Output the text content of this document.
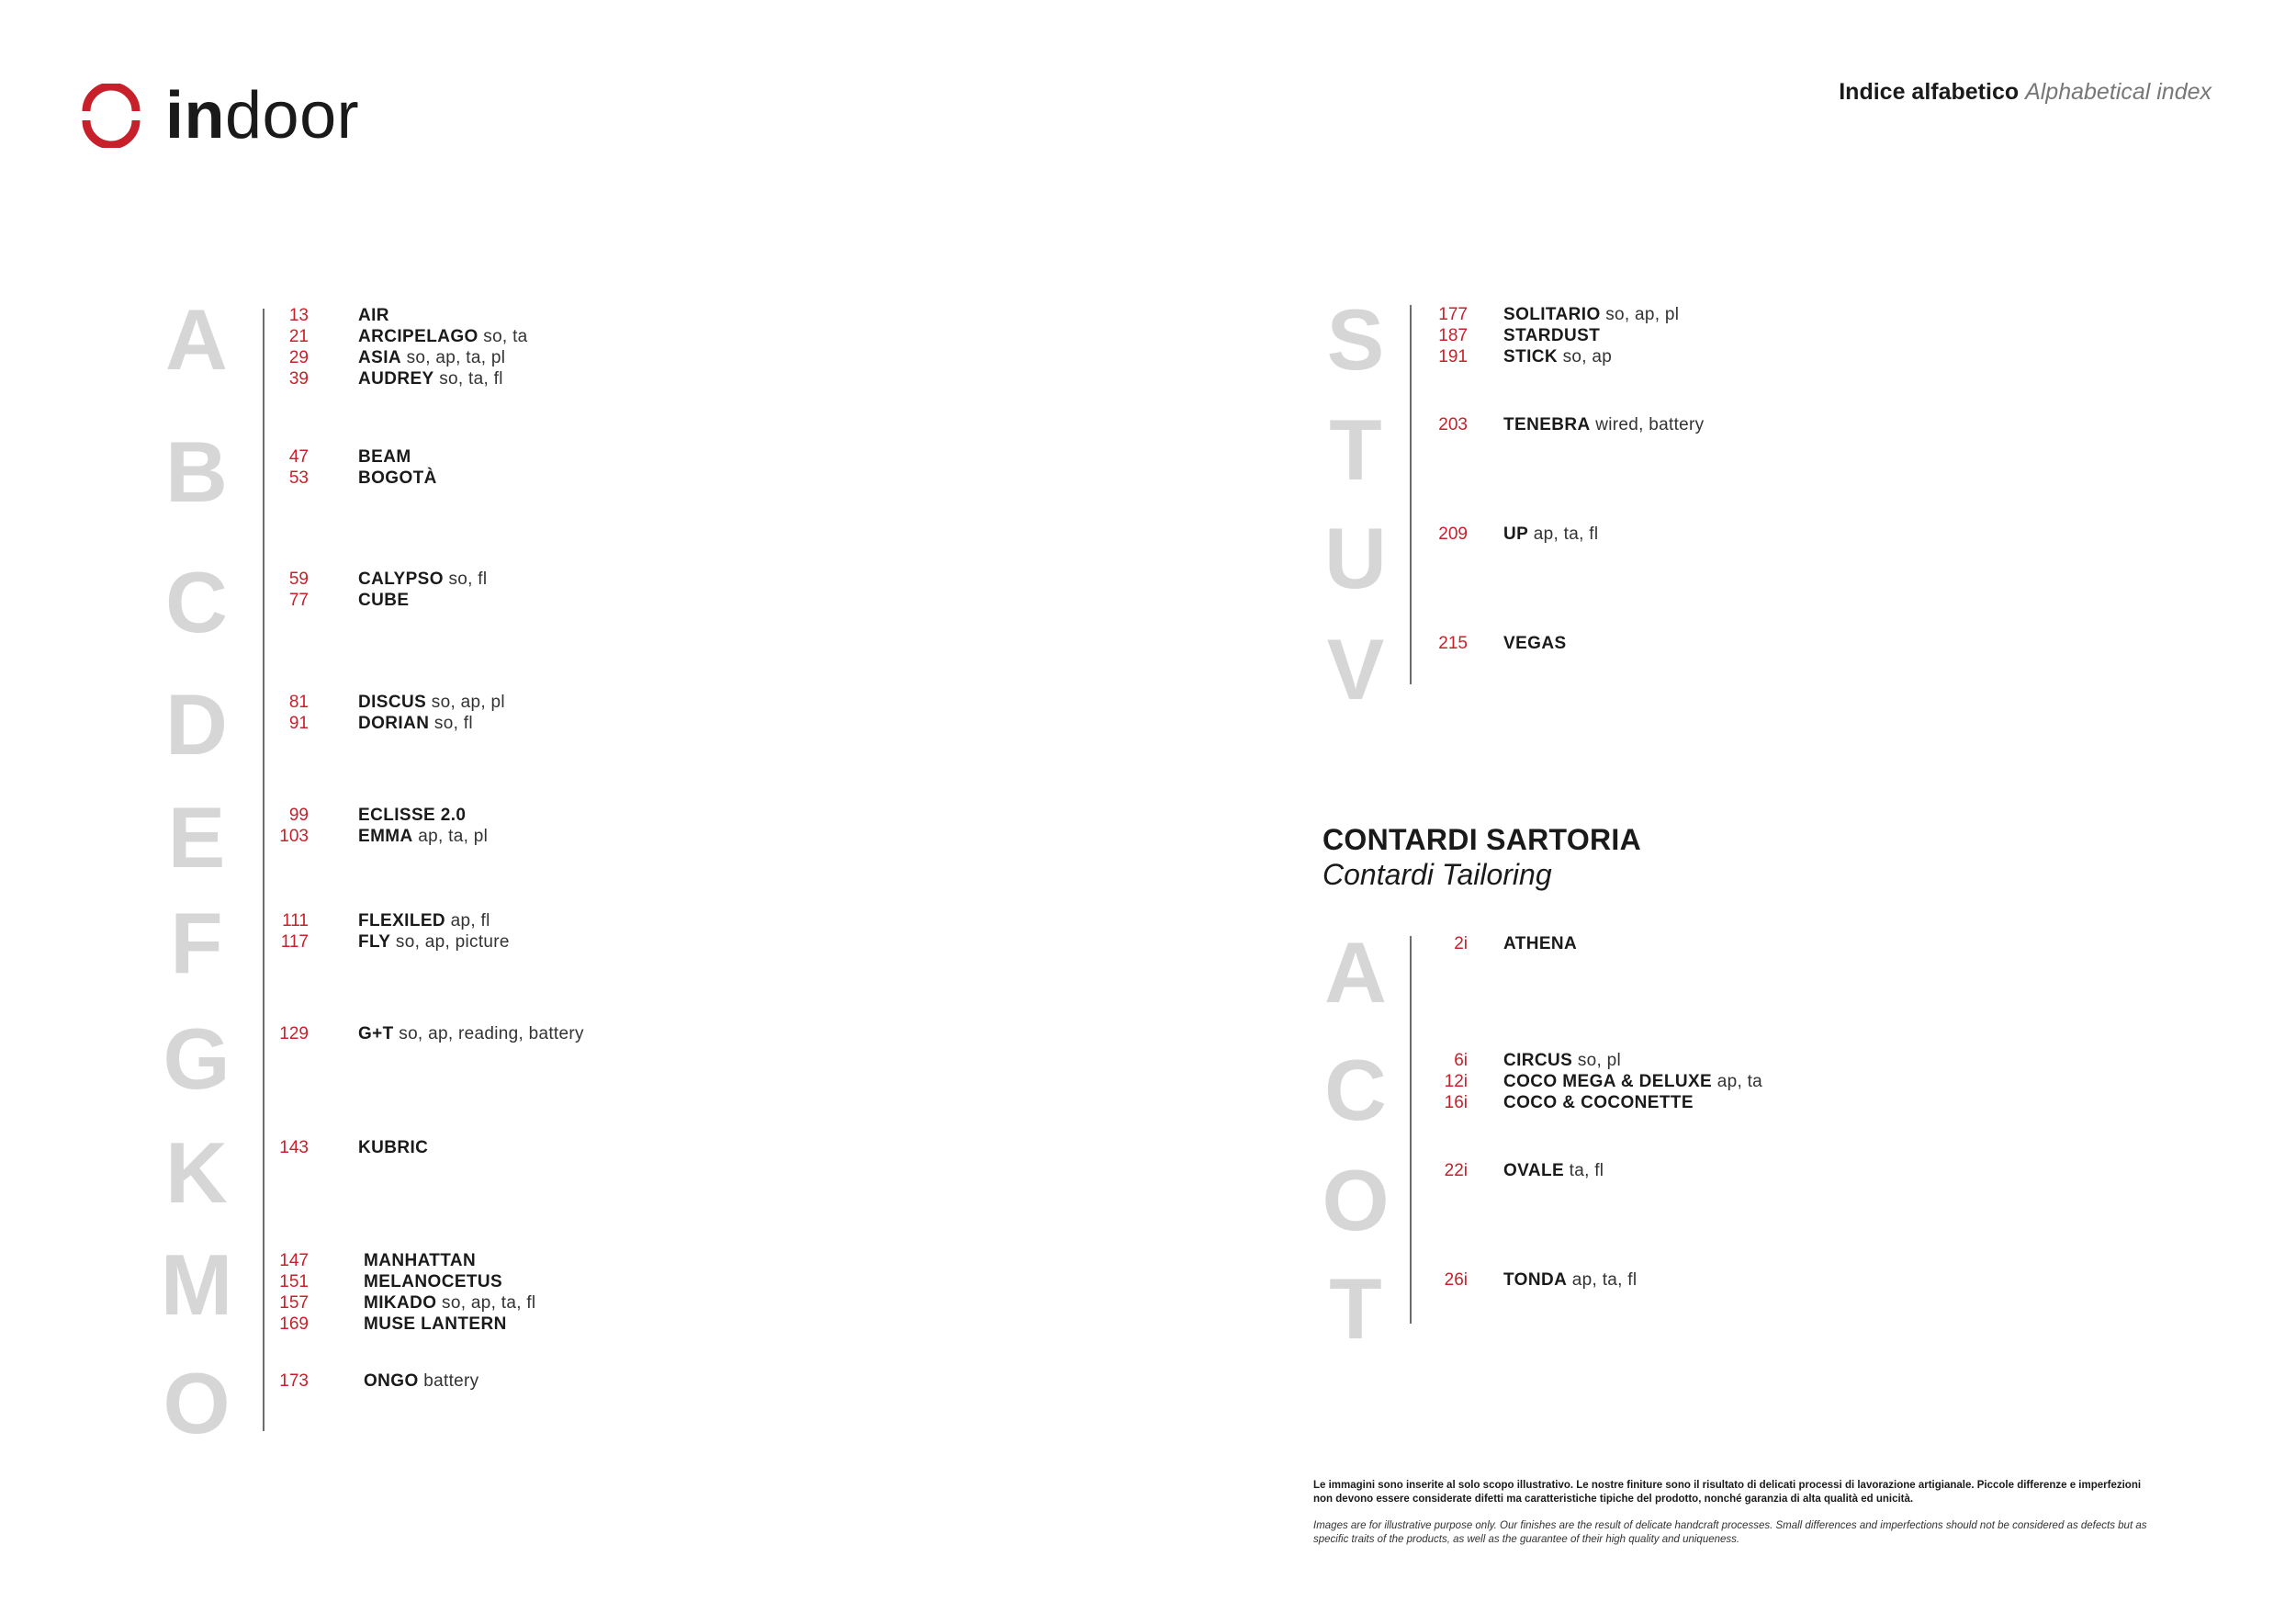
indoor	Indice alfabetico Alphabetical index
A	13	AIR
21	ARCIPELAGO so, ta
29	ASIA so, ap, ta, pl
39	AUDREY so, ta, fl
B	47	BEAM
53	BOGOTÀ
C	59	CALYPSO so, fl
77	CUBE
D	81	DISCUS so, ap, pl
91	DORIAN so, fl
E	99	ECLISSE 2.0
103	EMMA ap, ta, pl
F	111	FLEXILED ap, fl
117	FLY so, ap, picture
G	129	G+T so, ap, reading, battery
K	143	KUBRIC
M	147	MANHATTAN
151	MELANOCETUS
157	MIKADO so, ap, ta, fl
169	MUSE LANTERN
O	173	ONGO battery
S	177 SOLITARIO so, ap, pl
187 STARDUST
191 STICK so, ap
T	203 TENEBRA wired, battery
U	209 UP ap, ta, fl
V	215 VEGAS
A	2i ATHENA
C	6i CIRCUS so, pl
12i COCO MEGA & DELUXE ap, ta
16i COCO & COCONETTE
O	22i OVALE ta, fl
T	26i TONDA ap, ta, fl
CONTARDI SARTORIA
Contardi Tailoring
Le immagini sono inserite al solo scopo illustrativo. Le nostre finiture sono il risultato di delicati processi di lavorazione artigianale. Piccole differenze e imperfezioni non devono essere considerate difetti ma caratteristiche tipiche del prodotto, nonché garanzia di alta qualità ed unicità.
Images are for illustrative purpose only. Our finishes are the result of delicate handcraft processes. Small differences and imperfections should not be considered as defects but as specific traits of the products, as well as the guarantee of their high quality and uniqueness.
